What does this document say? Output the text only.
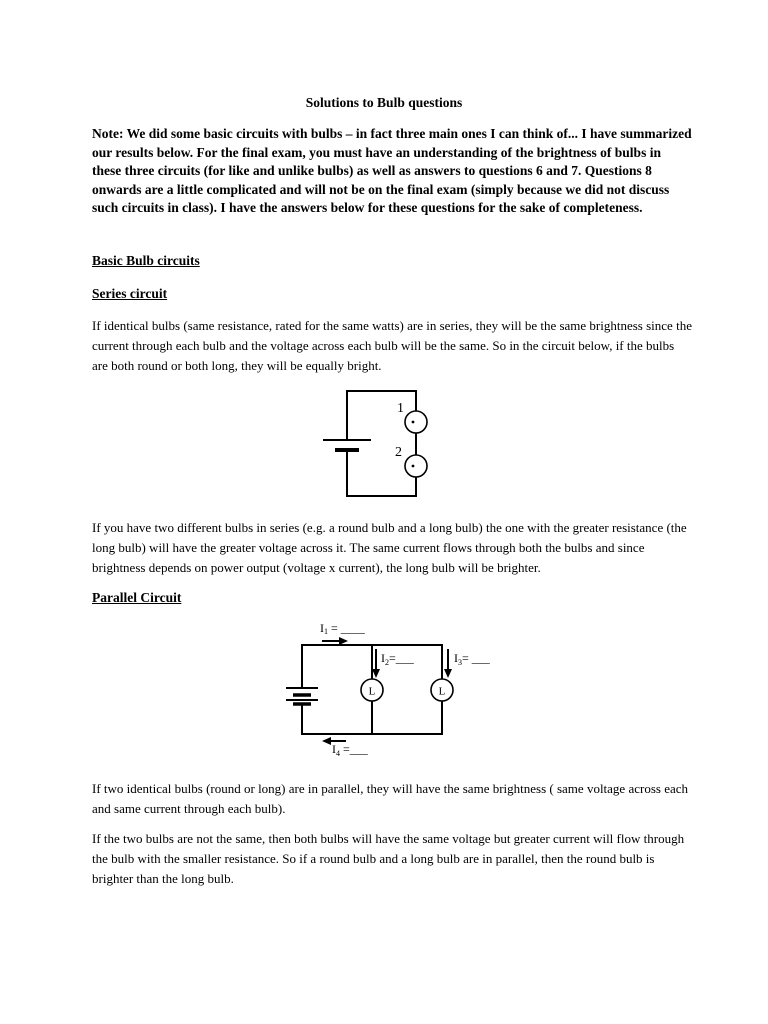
Solutions to Bulb questions
Note: We did some basic circuits with bulbs – in fact three main ones I can think of... I have summarized our results below. For the final exam, you must have an understanding of the brightness of bulbs in these three circuits (for like and unlike bulbs) as well as answers to questions 6 and 7. Questions 8 onwards are a little complicated and will not be on the final exam (simply because we did not discuss such circuits in class). I have the answers below for these questions for the sake of completeness.
Basic Bulb circuits
Series circuit
If identical bulbs (same resistance, rated for the same watts) are in series, they will be the same brightness since the current through each bulb and the voltage across each bulb will be the same. So in the circuit below, if the bulbs are both round or both long, they will be equally bright.
1
2
If you have two different bulbs in series (e.g. a round bulb and a long bulb) the one with the greater resistance (the long bulb) will have the greater voltage across it. The same current flows through both the bulbs and since brightness depends on power output (voltage x current), the long bulb will be brighter.
Parallel Circuit
L	L
I1 = ____
$I_2=\_\_\_$	$I_3=$ ___
$I_4$ =___
If two identical bulbs (round or long) are in parallel, they will have the same brightness ( same voltage across each and same current through each bulb).
If the two bulbs are not the same, then both bulbs will have the same voltage but greater current will flow through the bulb with the smaller resistance. So if a round bulb and a long bulb are in parallel, then the round bulb is brighter than the long bulb.
